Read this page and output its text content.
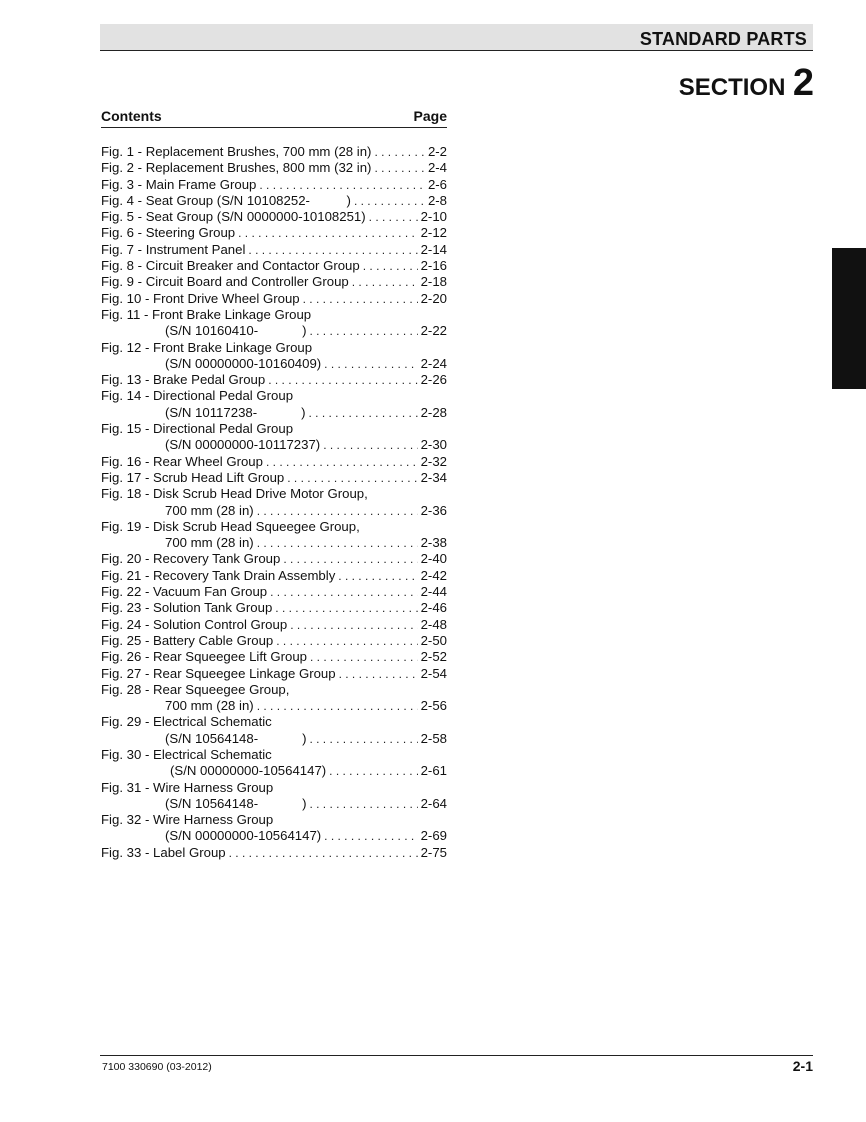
STANDARD PARTS
SECTION 2
Contents	Page
Fig. 1 - Replacement Brushes, 700 mm (28 in) . . .	2-2
Fig. 2 - Replacement Brushes, 800 mm (32 in) . . .	2-4
Fig. 3 - Main Frame Group . . .	2-6
Fig. 4 - Seat Group (S/N 10108252-          ) . . .	2-8
Fig. 5 - Seat Group (S/N 0000000-10108251) . . .	2-10
Fig. 6 - Steering Group . . .	2-12
Fig. 7 - Instrument Panel . . .	2-14
Fig. 8 - Circuit Breaker and Contactor Group . . .	2-16
Fig. 9 - Circuit Board and Controller Group . . .	2-18
Fig. 10 - Front Drive Wheel Group . . .	2-20
Fig. 11 - Front Brake Linkage Group
(S/N 10160410-            ) . . .	2-22
Fig. 12 - Front Brake Linkage Group
(S/N 00000000-10160409) . . .	2-24
Fig. 13 - Brake Pedal Group . . .	2-26
Fig. 14 - Directional Pedal Group
(S/N 10117238-            ) . . .	2-28
Fig. 15 - Directional Pedal Group
(S/N 00000000-10117237) . . .	2-30
Fig. 16 - Rear Wheel Group . . .	2-32
Fig. 17 - Scrub Head Lift Group . . .	2-34
Fig. 18 - Disk Scrub Head Drive Motor Group,
700 mm (28 in) . . .	2-36
Fig. 19 - Disk Scrub Head Squeegee Group,
700 mm (28 in) . . .	2-38
Fig. 20 - Recovery Tank Group . . .	2-40
Fig. 21 - Recovery Tank Drain Assembly . . .	2-42
Fig. 22 - Vacuum Fan Group . . .	2-44
Fig. 23 - Solution Tank Group . . .	2-46
Fig. 24 - Solution Control Group . . .	2-48
Fig. 25 - Battery Cable Group . . .	2-50
Fig. 26 - Rear Squeegee Lift Group . . .	2-52
Fig. 27 - Rear Squeegee Linkage Group . . .	2-54
Fig. 28 - Rear Squeegee Group,
700 mm (28 in) . . .	2-56
Fig. 29 - Electrical Schematic
(S/N 10564148-            ) . . .	2-58
Fig. 30 - Electrical Schematic
(S/N 00000000-10564147) . . .	2-61
Fig. 31 - Wire Harness Group
(S/N 10564148-            ) . . .	2-64
Fig. 32 - Wire Harness Group
(S/N 00000000-10564147) . . .	2-69
Fig. 33 - Label Group . . .	2-75
7100 330690 (03-2012)	2-1
